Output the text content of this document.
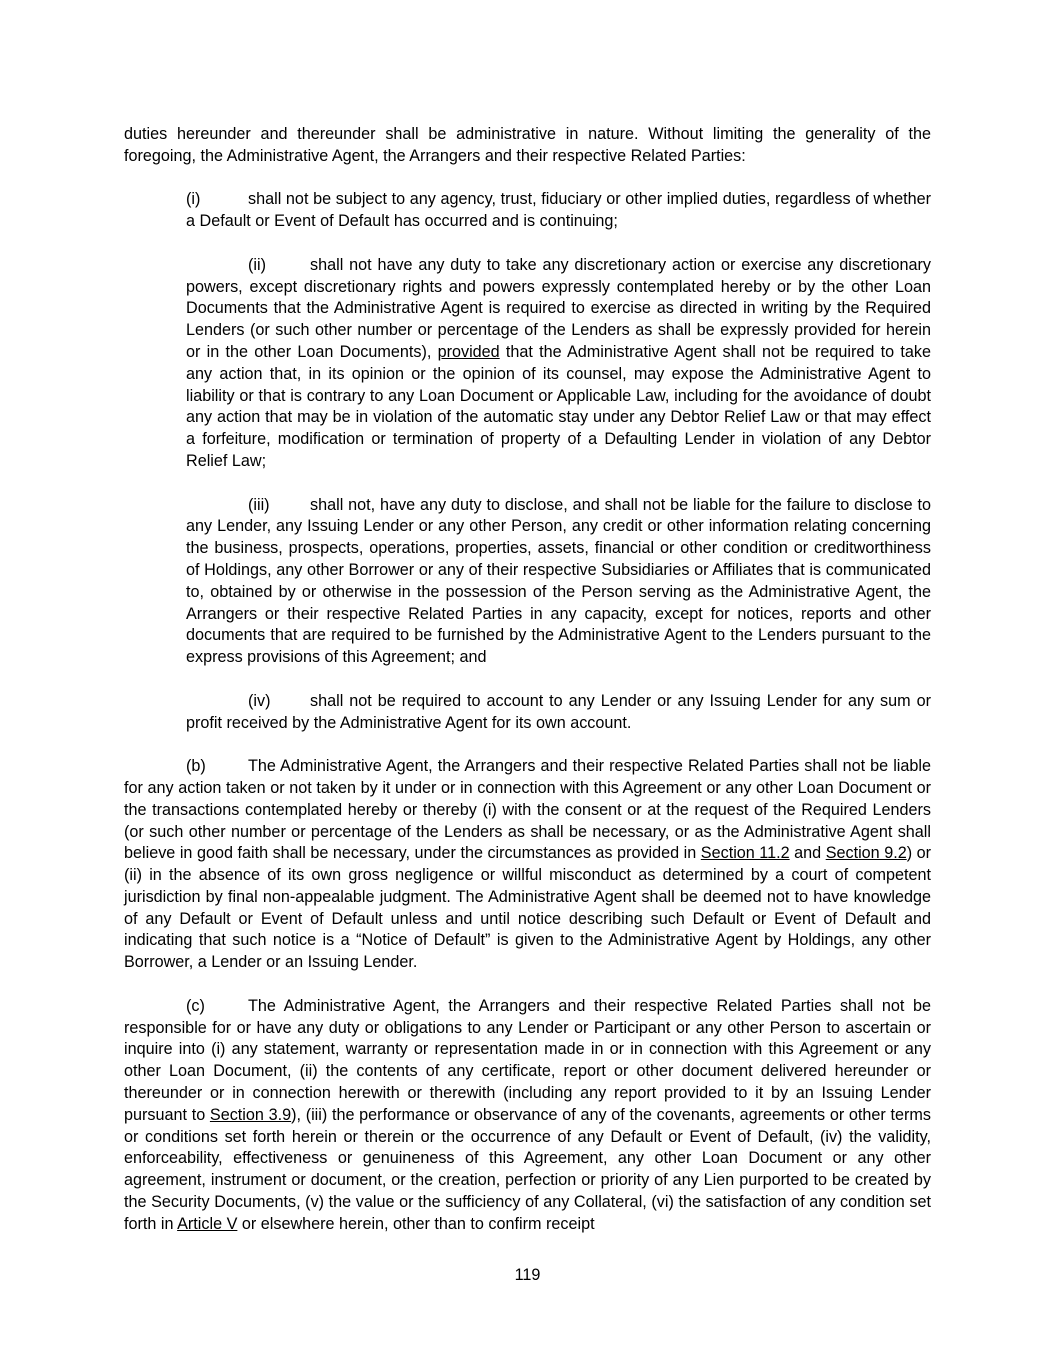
duties hereunder and thereunder shall be administrative in nature. Without limiting the generality of the foregoing, the Administrative Agent, the Arrangers and their respective Related Parties:

(i)	shall not be subject to any agency, trust, fiduciary or other implied duties, regardless of whether a Default or Event of Default has occurred and is continuing;

(ii)	shall not have any duty to take any discretionary action or exercise any discretionary powers, except discretionary rights and powers expressly contemplated hereby or by the other Loan Documents that the Administrative Agent is required to exercise as directed in writing by the Required Lenders (or such other number or percentage of the Lenders as shall be expressly provided for herein or in the other Loan Documents), provided that the Administrative Agent shall not be required to take any action that, in its opinion or the opinion of its counsel, may expose the Administrative Agent to liability or that is contrary to any Loan Document or Applicable Law, including for the avoidance of doubt any action that may be in violation of the automatic stay under any Debtor Relief Law or that may effect a forfeiture, modification or termination of property of a Defaulting Lender in violation of any Debtor Relief Law;

(iii) shall not, have any duty to disclose, and shall not be liable for the failure to disclose to any Lender, any Issuing Lender or any other Person, any credit or other information relating concerning the business, prospects, operations, properties, assets, financial or other condition or creditworthiness of Holdings, any other Borrower or any of their respective Subsidiaries or Affiliates that is communicated to, obtained by or otherwise in the possession of the Person serving as the Administrative Agent, the Arrangers or their respective Related Parties in any capacity, except for notices, reports and other documents that are required to be furnished by the Administrative Agent to the Lenders pursuant to the express provisions of this Agreement; and

(iv) shall not be required to account to any Lender or any Issuing Lender for any sum or profit received by the Administrative Agent for its own account.

(b)	The Administrative Agent, the Arrangers and their respective Related Parties shall not be liable for any action taken or not taken by it under or in connection with this Agreement or any other Loan Document or the transactions contemplated hereby or thereby (i) with the consent or at the request of the Required Lenders (or such other number or percentage of the Lenders as shall be necessary, or as the Administrative Agent shall believe in good faith shall be necessary, under the circumstances as provided in Section 11.2 and Section 9.2) or (ii) in the absence of its own gross negligence or willful misconduct as determined by a court of competent jurisdiction by final non-appealable judgment. The Administrative Agent shall be deemed not to have knowledge of any Default or Event of Default unless and until notice describing such Default or Event of Default and indicating that such notice is a “Notice of Default” is given to the Administrative Agent by Holdings, any other Borrower, a Lender or an Issuing Lender.

(c)	The Administrative Agent, the Arrangers and their respective Related Parties shall not be responsible for or have any duty or obligations to any Lender or Participant or any other Person to ascertain or inquire into (i) any statement, warranty or representation made in or in connection with this Agreement or any other Loan Document, (ii) the contents of any certificate, report or other document delivered hereunder or thereunder or in connection herewith or therewith (including any report provided to it by an Issuing Lender pursuant to Section 3.9), (iii) the performance or observance of any of the covenants, agreements or other terms or conditions set forth herein or therein or the occurrence of any Default or Event of Default, (iv) the validity, enforceability, effectiveness or genuineness of this Agreement, any other Loan Document or any other agreement, instrument or document, or the creation, perfection or priority of any Lien purported to be created by the Security Documents, (v) the value or the sufficiency of any Collateral, (vi) the satisfaction of any condition set forth in Article V or elsewhere herein, other than to confirm receipt

119
